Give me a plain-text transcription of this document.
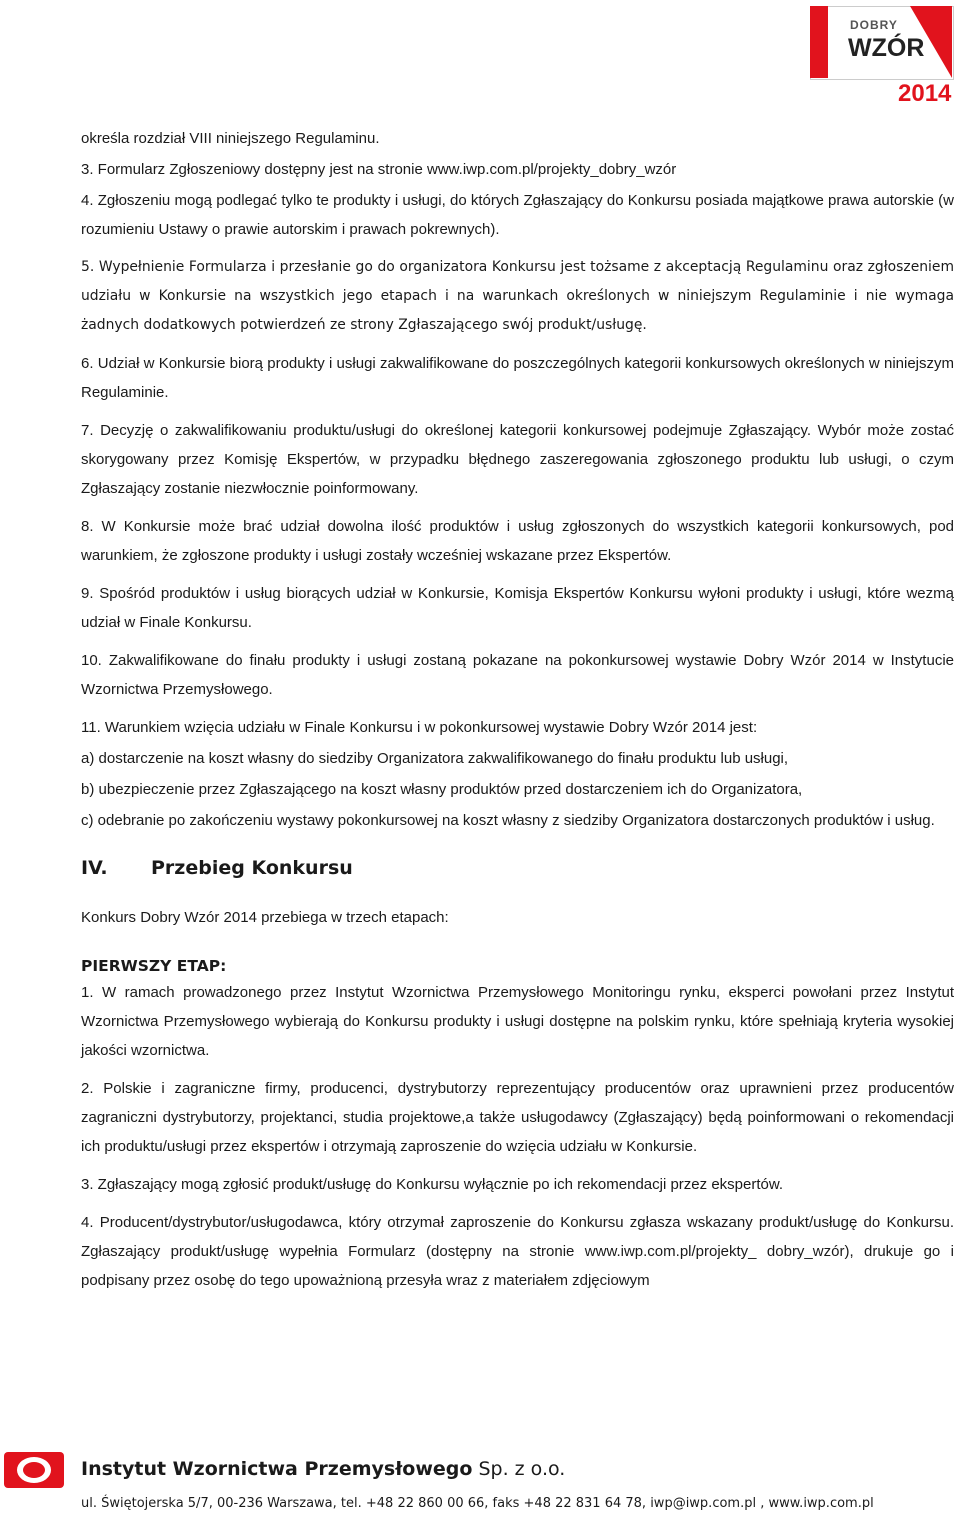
DOBRY
WZÓR
2014

określa rozdział VIII niniejszego Regulaminu.

3. Formularz Zgłoszeniowy dostępny jest na stronie www.iwp.com.pl/projekty_dobry_wzór

4. Zgłoszeniu mogą podlegać tylko te produkty i usługi, do których Zgłaszający do Konkursu posiada majątkowe prawa autorskie (w rozumieniu Ustawy o prawie autorskim i prawach pokrewnych).

5. Wypełnienie Formularza i przesłanie go do organizatora Konkursu jest tożsame z akceptacją Regulaminu oraz zgłoszeniem udziału w Konkursie na wszystkich jego etapach i na warunkach określonych w niniejszym Regulaminie i nie wymaga żadnych dodatkowych potwierdzeń ze strony Zgłaszającego swój produkt/usługę.

6. Udział w Konkursie biorą produkty i usługi zakwalifikowane do poszczególnych kategorii konkursowych określonych w niniejszym Regulaminie.

7. Decyzję o zakwalifikowaniu produktu/usługi do określonej kategorii konkursowej podejmuje Zgłaszający. Wybór może zostać skorygowany przez Komisję Ekspertów, w przypadku błędnego zaszeregowania zgłoszonego produktu lub usługi, o czym Zgłaszający zostanie niezwłocznie poinformowany.

8. W Konkursie może brać udział dowolna ilość produktów i usług zgłoszonych do wszystkich kategorii konkursowych, pod warunkiem, że zgłoszone produkty i usługi zostały wcześniej wskazane przez Ekspertów.

9. Spośród produktów i usług biorących udział w Konkursie, Komisja Ekspertów Konkursu wyłoni produkty i usługi, które wezmą udział w Finale Konkursu.

10. Zakwalifikowane do finału produkty i usługi zostaną pokazane na pokonkursowej wystawie Dobry Wzór 2014 w Instytucie Wzornictwa Przemysłowego.

11. Warunkiem wzięcia udziału w Finale Konkursu i w pokonkursowej wystawie Dobry Wzór 2014 jest:

a) dostarczenie na koszt własny do siedziby Organizatora zakwalifikowanego do finału produktu lub usługi,

b) ubezpieczenie przez Zgłaszającego na koszt własny produktów przed dostarczeniem ich do Organizatora,

c) odebranie po zakończeniu wystawy pokonkursowej na koszt własny z siedziby Organizatora dostarczonych produktów i usług.

IV. Przebieg Konkursu

Konkurs Dobry Wzór 2014 przebiega w trzech etapach:

PIERWSZY ETAP:

1. W ramach prowadzonego przez Instytut Wzornictwa Przemysłowego Monitoringu rynku, eksperci powołani przez Instytut Wzornictwa Przemysłowego wybierają do Konkursu produkty i usługi dostępne na polskim rynku, które spełniają kryteria wysokiej jakości wzornictwa.

2. Polskie i zagraniczne firmy, producenci, dystrybutorzy reprezentujący producentów oraz uprawnieni przez producentów zagraniczni dystrybutorzy, projektanci, studia projektowe,a także usługodawcy (Zgłaszający) będą poinformowani o rekomendacji ich produktu/usługi przez ekspertów i otrzymają zaproszenie do wzięcia udziału w Konkursie.

3. Zgłaszający mogą zgłosić produkt/usługę do Konkursu wyłącznie po ich rekomendacji przez ekspertów.

4. Producent/dystrybutor/usługodawca, który otrzymał zaproszenie do Konkursu zgłasza wskazany produkt/usługę do Konkursu. Zgłaszający produkt/usługę wypełnia Formularz (dostępny na stronie www.iwp.com.pl/projekty_ dobry_wzór), drukuje go i podpisany przez osobę do tego upoważnioną przesyła wraz z materiałem zdjęciowym

Instytut Wzornictwa Przemysłowego Sp. z o.o.
ul. Świętojerska 5/7, 00-236 Warszawa, tel. +48 22 860 00 66, faks +48 22 831 64 78, iwp@iwp.com.pl , www.iwp.com.pl
